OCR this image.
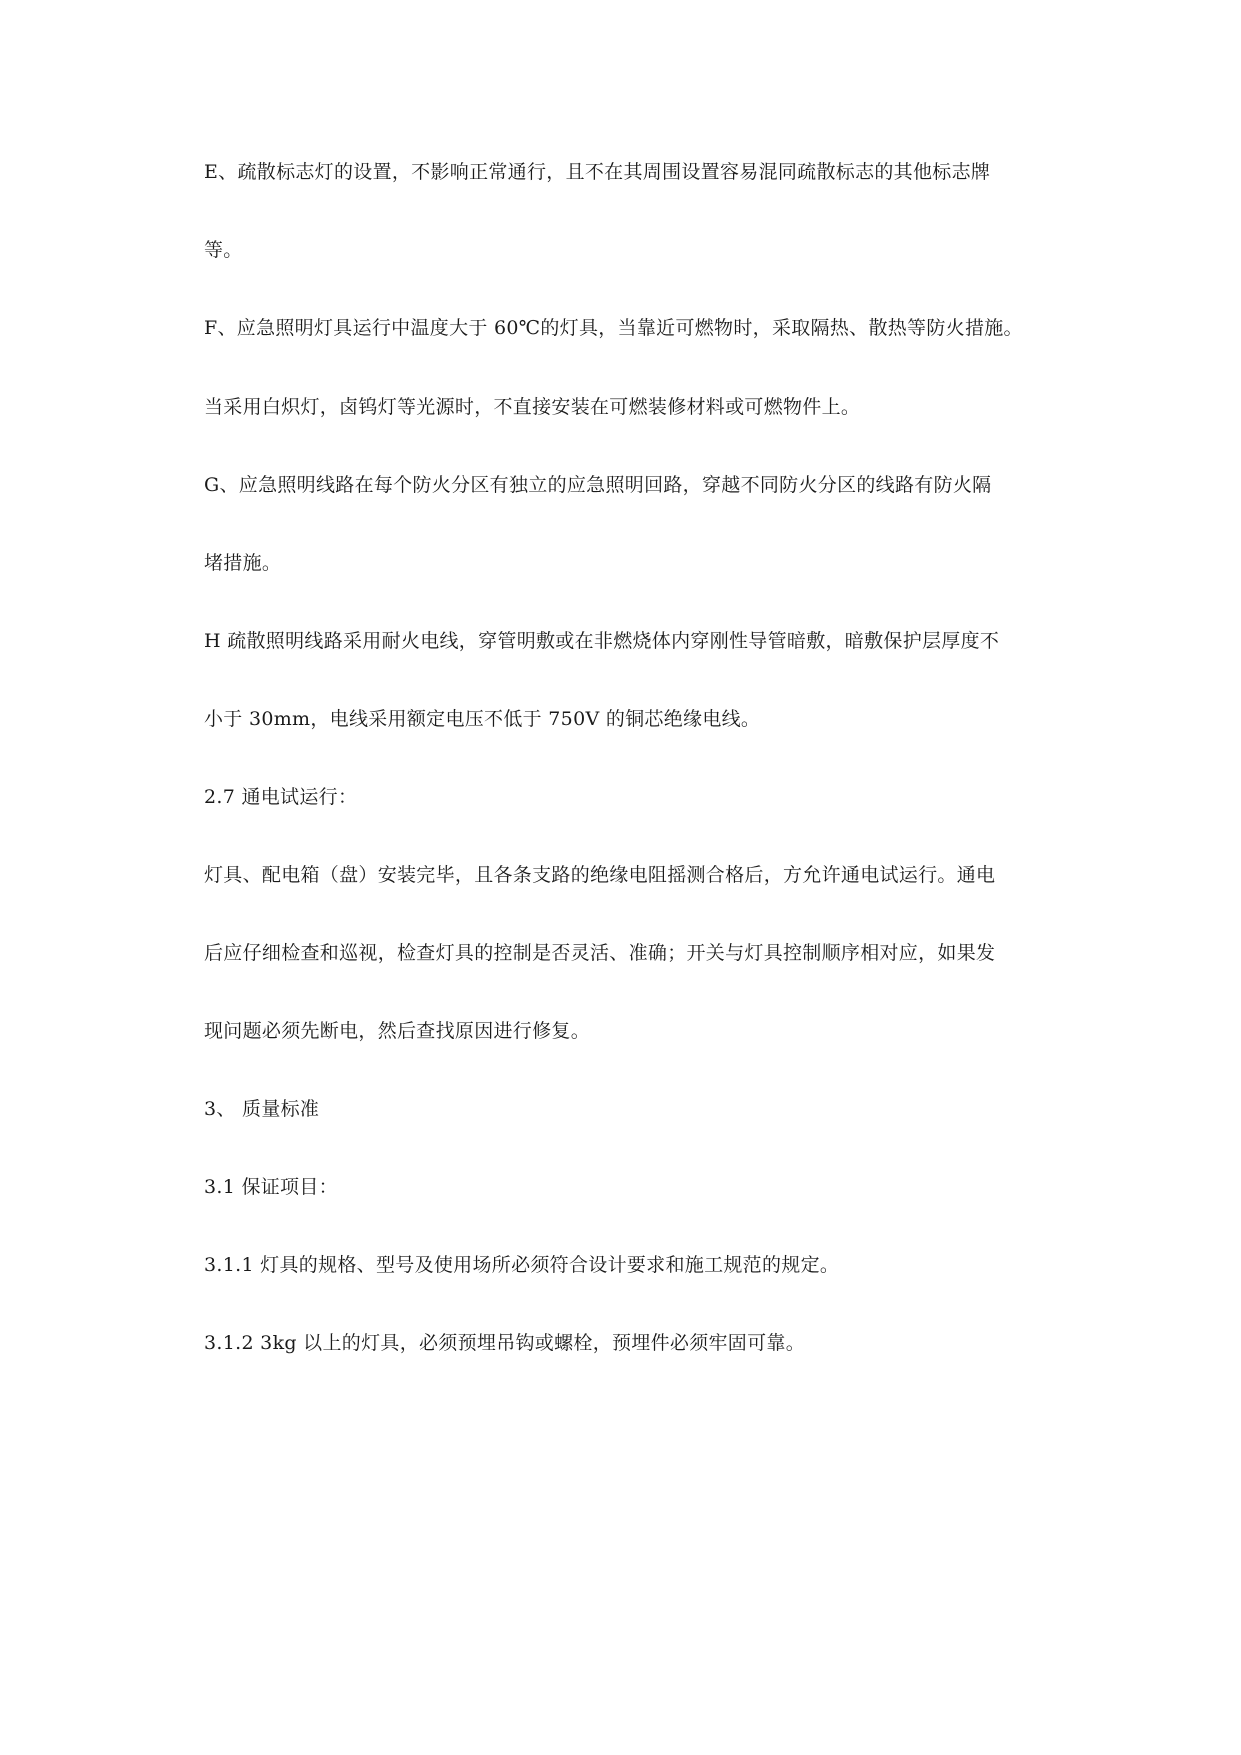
E、疏散标志灯的设置，不影响正常通行，且不在其周围设置容易混同疏散标志的其他标志牌
等。
F、应急照明灯具运行中温度大于 60℃的灯具，当靠近可燃物时，采取隔热、散热等防火措施。
当采用白炽灯，卤钨灯等光源时，不直接安装在可燃装修材料或可燃物件上。
G、应急照明线路在每个防火分区有独立的应急照明回路，穿越不同防火分区的线路有防火隔
堵措施。
H 疏散照明线路采用耐火电线，穿管明敷或在非燃烧体内穿刚性导管暗敷，暗敷保护层厚度不
小于 30mm，电线采用额定电压不低于 750V 的铜芯绝缘电线。
2.7 通电试运行：
灯具、配电箱（盘）安装完毕，且各条支路的绝缘电阻摇测合格后，方允许通电试运行。通电
后应仔细检查和巡视，检查灯具的控制是否灵活、准确；开关与灯具控制顺序相对应，如果发
现问题必须先断电，然后查找原因进行修复。
3、 质量标准
3.1 保证项目：
3.1.1 灯具的规格、型号及使用场所必须符合设计要求和施工规范的规定。
3.1.2 3kg 以上的灯具，必须预埋吊钩或螺栓，预埋件必须牢固可靠。
